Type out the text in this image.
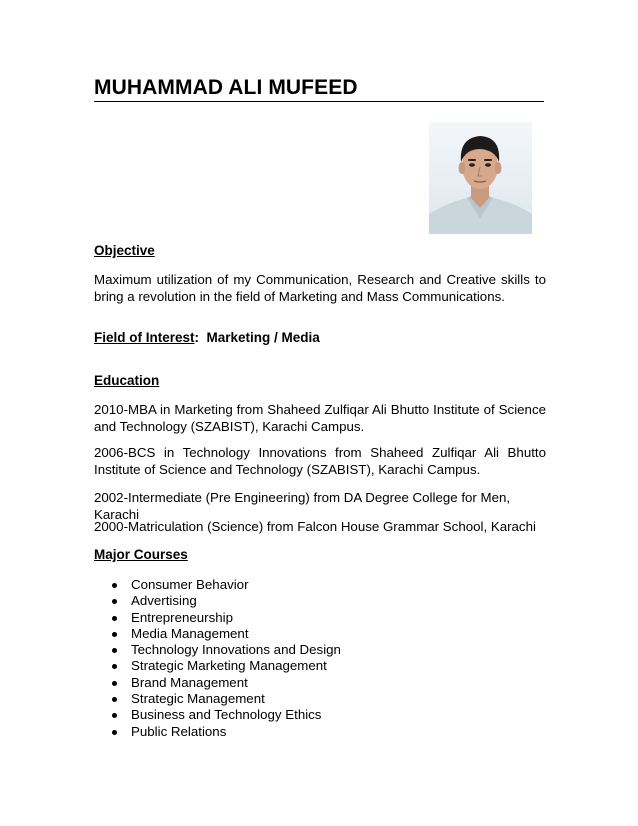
MUHAMMAD ALI MUFEED
Objective

Maximum utilization of my Communication, Research and Creative skills to bring a revolution in the field of Marketing and Mass Communications.

Field of Interest: Marketing / Media

Education

2010-MBA in Marketing from Shaheed Zulfiqar Ali Bhutto Institute of Science and Technology (SZABIST), Karachi Campus.

2006-BCS in Technology Innovations from Shaheed Zulfiqar Ali Bhutto Institute of Science and Technology (SZABIST), Karachi Campus.

2002-Intermediate (Pre Engineering) from DA Degree College for Men, Karachi

2000-Matriculation (Science) from Falcon House Grammar School, Karachi

Major Courses
Consumer Behavior
Advertising
Entrepreneurship
Media Management
Technology Innovations and Design
Strategic Marketing Management
Brand Management
Strategic Management
Business and Technology Ethics
Public Relations
